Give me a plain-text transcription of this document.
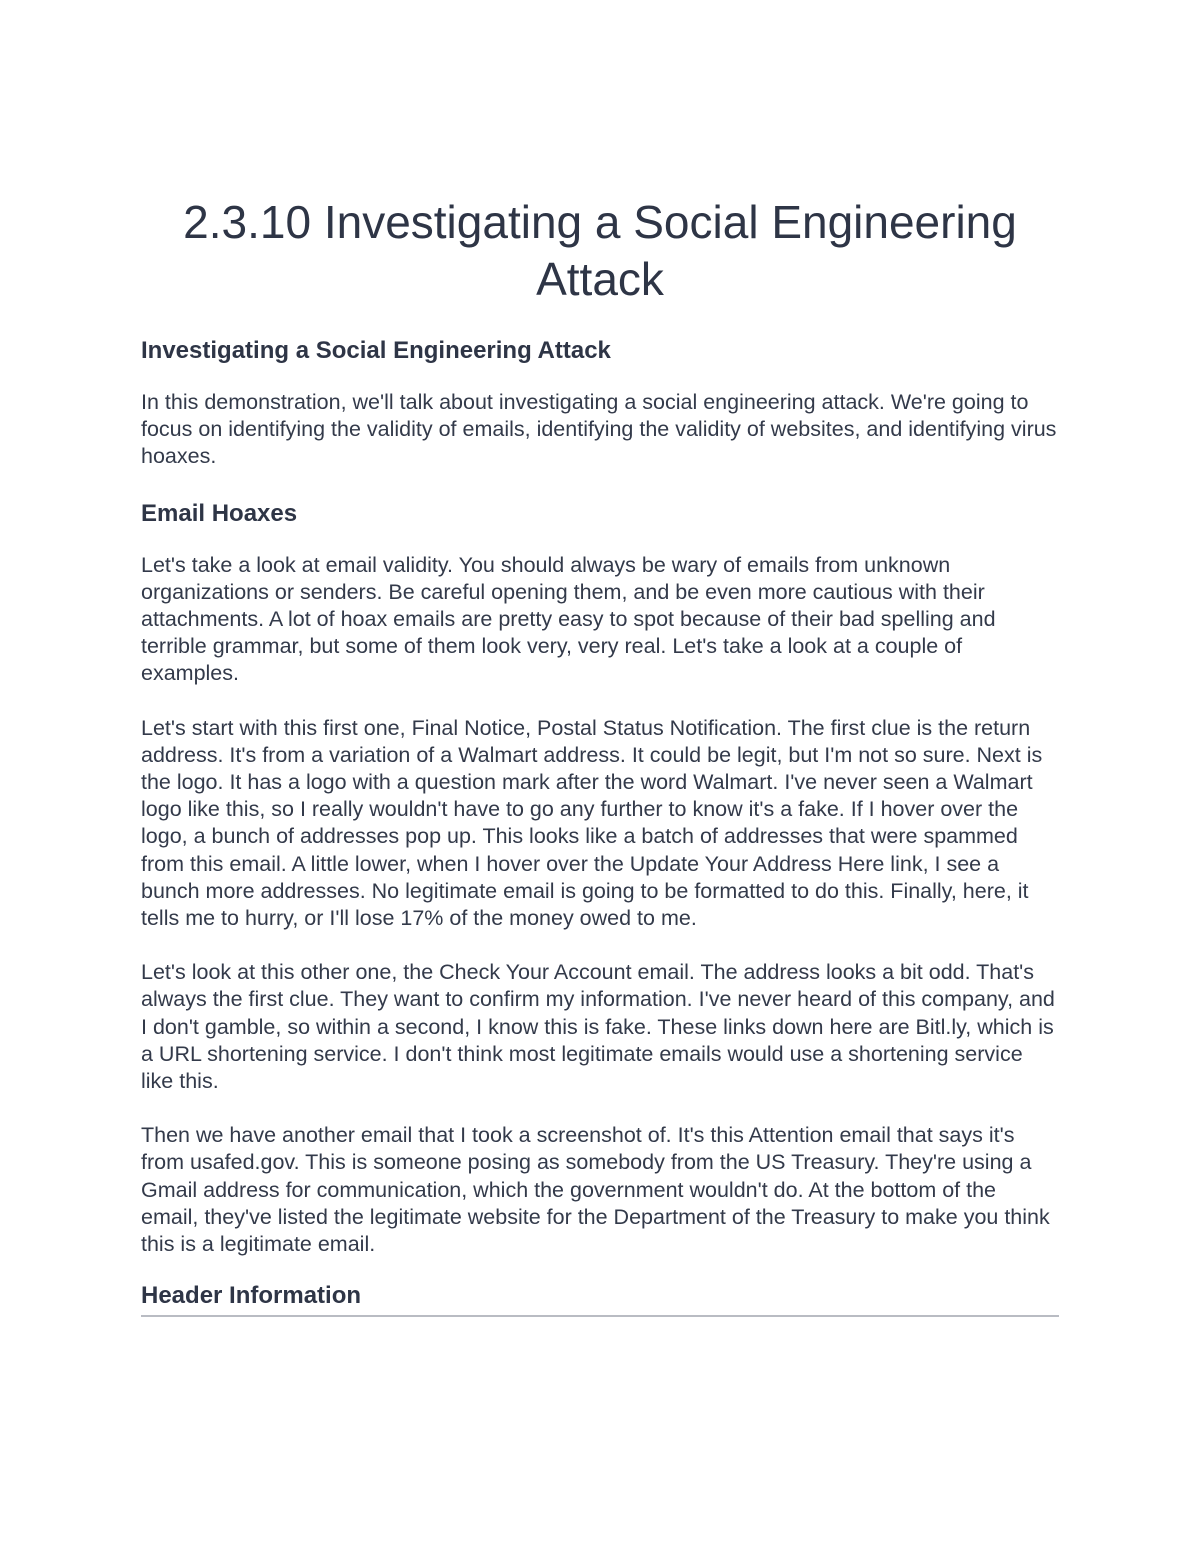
2.3.10 Investigating a Social Engineering Attack
Investigating a Social Engineering Attack

In this demonstration, we'll talk about investigating a social engineering attack. We're going to focus on identifying the validity of emails, identifying the validity of websites, and identifying virus hoaxes.

Email Hoaxes

Let's take a look at email validity. You should always be wary of emails from unknown organizations or senders. Be careful opening them, and be even more cautious with their attachments. A lot of hoax emails are pretty easy to spot because of their bad spelling and terrible grammar, but some of them look very, very real. Let's take a look at a couple of examples.

Let's start with this first one, Final Notice, Postal Status Notification. The first clue is the return address. It's from a variation of a Walmart address. It could be legit, but I'm not so sure. Next is the logo. It has a logo with a question mark after the word Walmart. I've never seen a Walmart logo like this, so I really wouldn't have to go any further to know it's a fake. If I hover over the logo, a bunch of addresses pop up. This looks like a batch of addresses that were spammed from this email. A little lower, when I hover over the Update Your Address Here link, I see a bunch more addresses. No legitimate email is going to be formatted to do this. Finally, here, it tells me to hurry, or I'll lose 17% of the money owed to me.

Let's look at this other one, the Check Your Account email. The address looks a bit odd. That's always the first clue. They want to confirm my information. I've never heard of this company, and I don't gamble, so within a second, I know this is fake. These links down here are Bitl.ly, which is a URL shortening service. I don't think most legitimate emails would use a shortening service like this.

Then we have another email that I took a screenshot of. It's this Attention email that says it's from usafed.gov. This is someone posing as somebody from the US Treasury. They're using a Gmail address for communication, which the government wouldn't do. At the bottom of the email, they've listed the legitimate website for the Department of the Treasury to make you think this is a legitimate email.

Header Information
